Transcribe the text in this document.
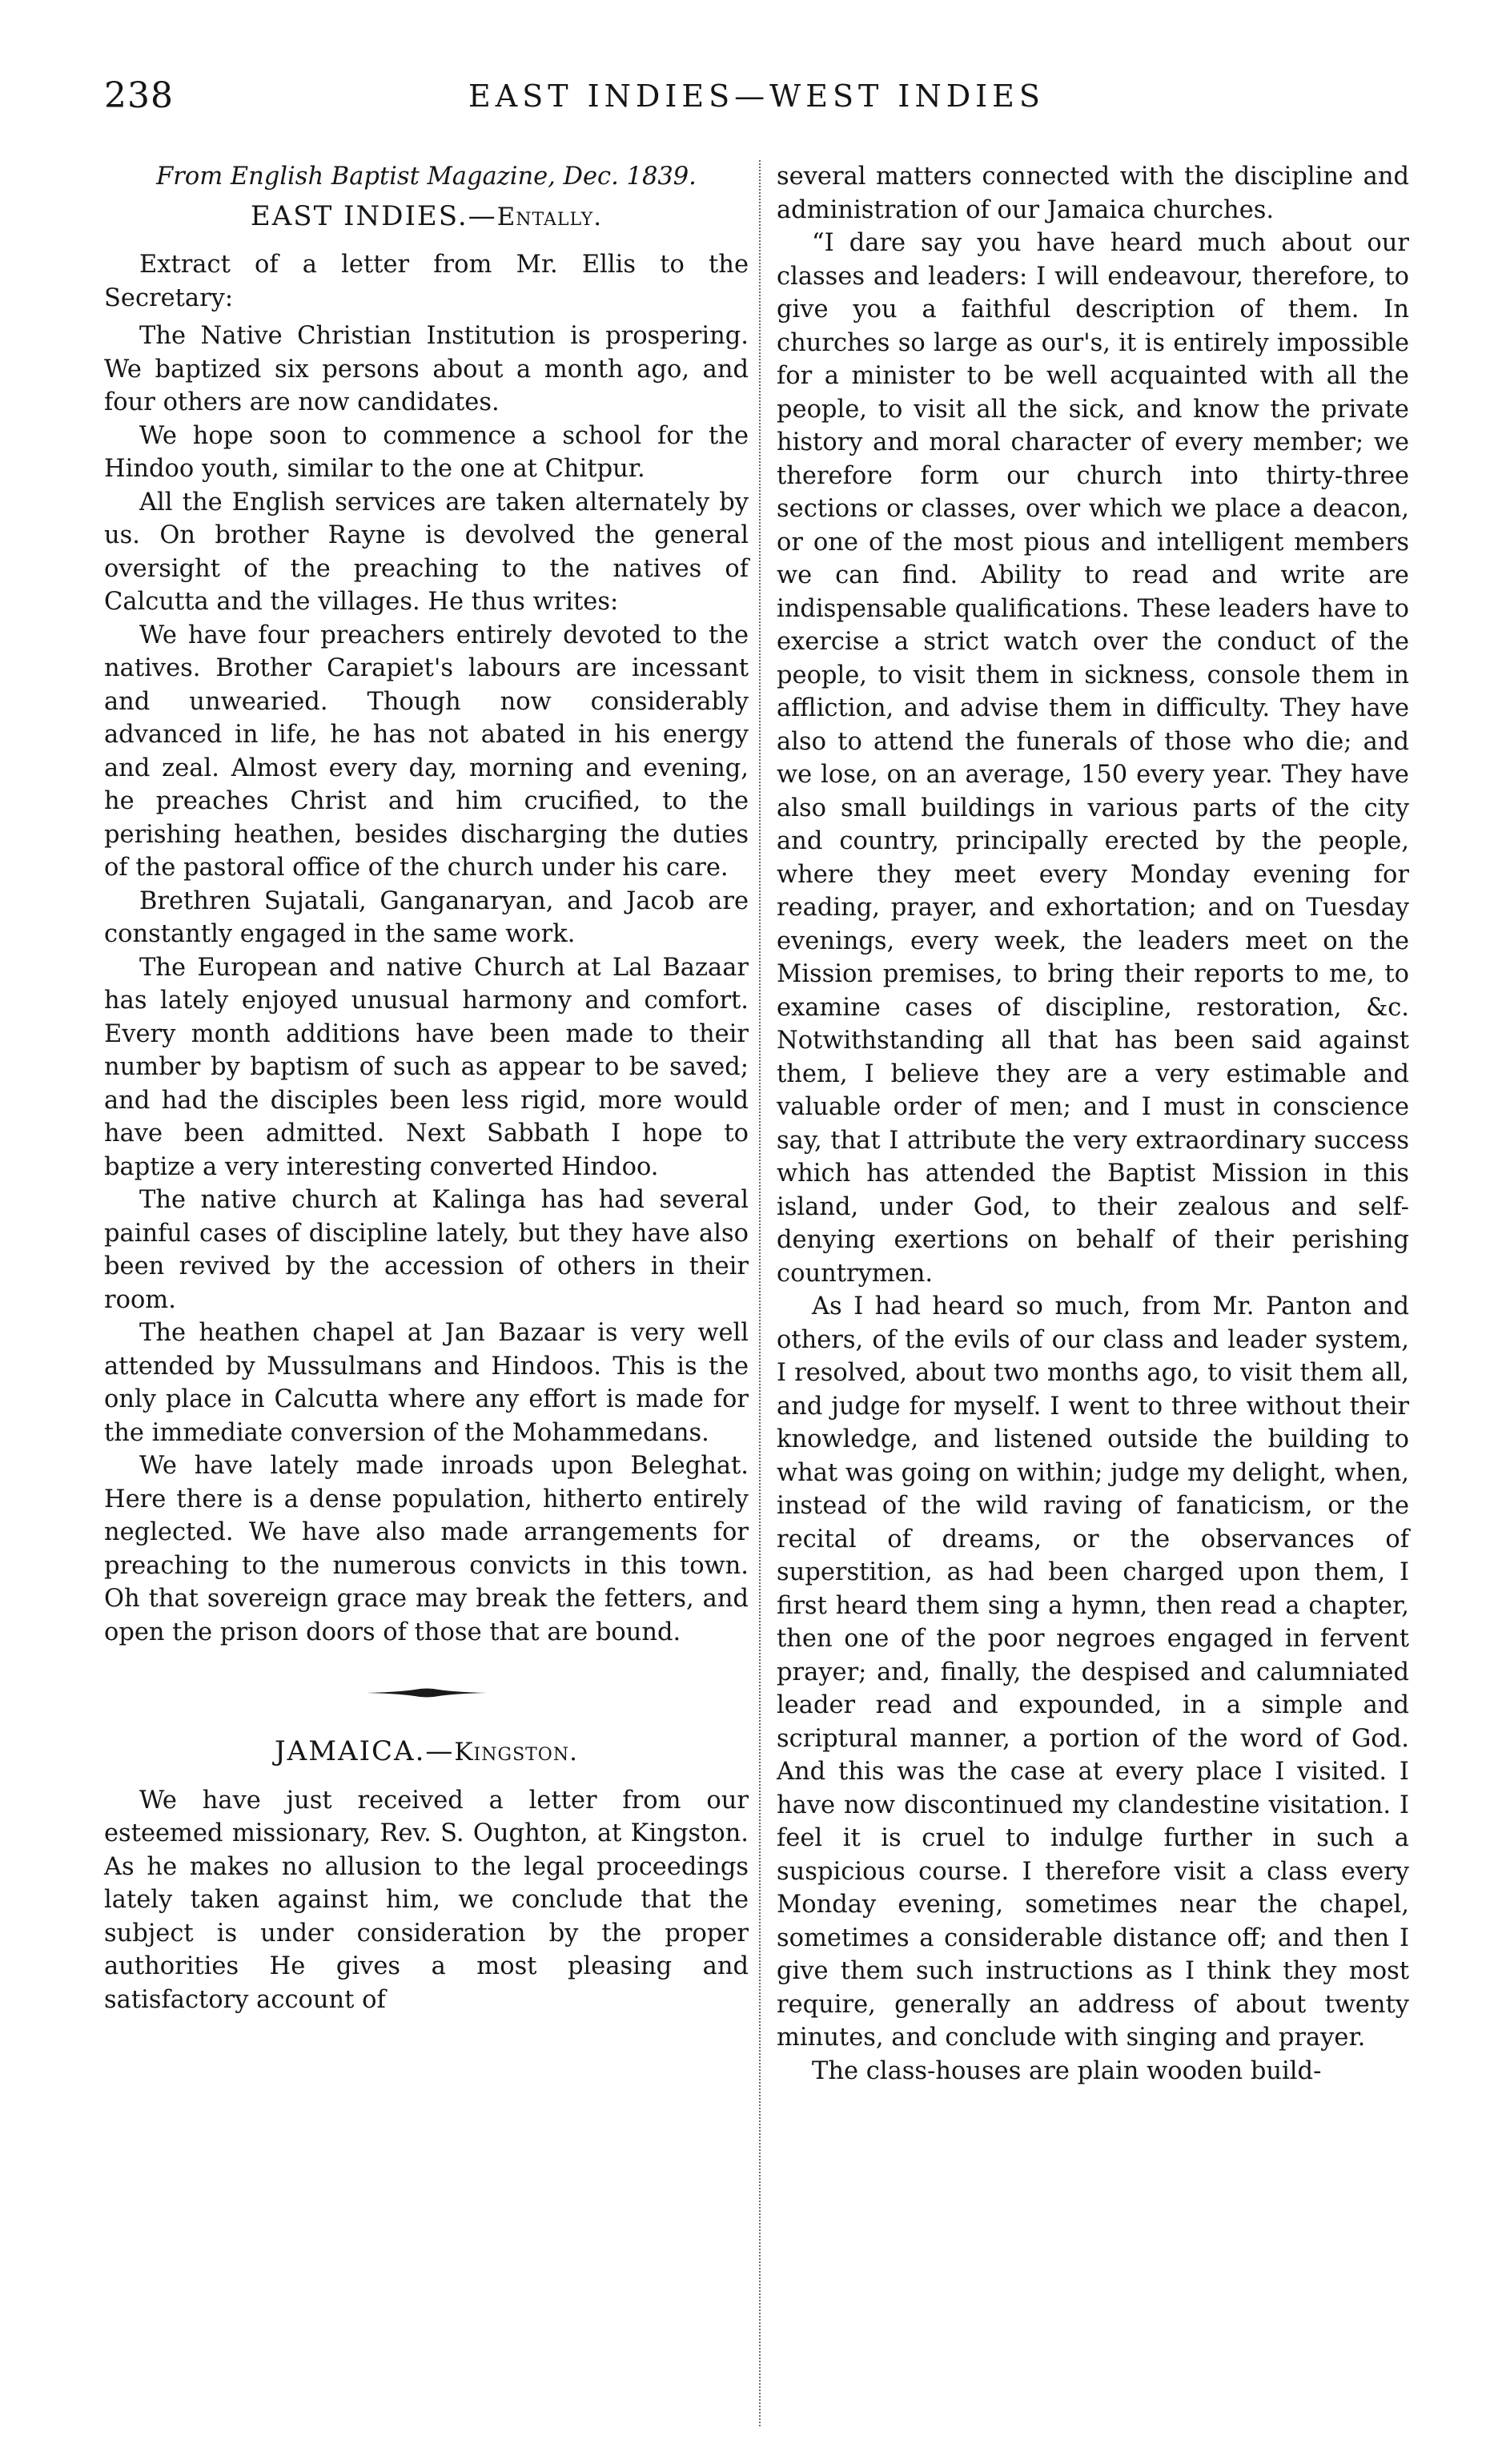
238	EAST INDIES—WEST INDIES

From English Baptist Magazine, Dec. 1839.

EAST INDIES.—Entally.

Extract of a letter from Mr. Ellis to the Secretary:

The Native Christian Institution is prospering. We baptized six persons about a month ago, and four others are now candidates.

We hope soon to commence a school for the Hindoo youth, similar to the one at Chitpur.

All the English services are taken alternately by us. On brother Rayne is devolved the general oversight of the preaching to the natives of Calcutta and the villages. He thus writes:

We have four preachers entirely devoted to the natives. Brother Carapiet's labours are incessant and unwearied. Though now considerably advanced in life, he has not abated in his energy and zeal. Almost every day, morning and evening, he preaches Christ and him crucified, to the perishing heathen, besides discharging the duties of the pastoral office of the church under his care.

Brethren Sujatali, Ganganaryan, and Jacob are constantly engaged in the same work.

The European and native Church at Lal Bazaar has lately enjoyed unusual harmony and comfort. Every month additions have been made to their number by baptism of such as appear to be saved; and had the disciples been less rigid, more would have been admitted. Next Sabbath I hope to baptize a very interesting converted Hindoo.

The native church at Kalinga has had several painful cases of discipline lately, but they have also been revived by the accession of others in their room.

The heathen chapel at Jan Bazaar is very well attended by Mussulmans and Hindoos. This is the only place in Calcutta where any effort is made for the immediate conversion of the Mohammedans.

We have lately made inroads upon Beleghat. Here there is a dense population, hitherto entirely neglected. We have also made arrangements for preaching to the numerous convicts in this town. Oh that sovereign grace may break the fetters, and open the prison doors of those that are bound.

JAMAICA.—Kingston.

We have just received a letter from our esteemed missionary, Rev. S. Oughton, at Kingston. As he makes no allusion to the legal proceedings lately taken against him, we conclude that the subject is under consideration by the proper authorities He gives a most pleasing and satisfactory account of

several matters connected with the discipline and administration of our Jamaica churches.

“I dare say you have heard much about our classes and leaders: I will endeavour, therefore, to give you a faithful description of them. In churches so large as our's, it is entirely impossible for a minister to be well acquainted with all the people, to visit all the sick, and know the private history and moral character of every member; we therefore form our church into thirty-three sections or classes, over which we place a deacon, or one of the most pious and intelligent members we can find. Ability to read and write are indispensable qualifications. These leaders have to exercise a strict watch over the conduct of the people, to visit them in sickness, console them in affliction, and advise them in difficulty. They have also to attend the funerals of those who die; and we lose, on an average, 150 every year. They have also small buildings in various parts of the city and country, principally erected by the people, where they meet every Monday evening for reading, prayer, and exhortation; and on Tuesday evenings, every week, the leaders meet on the Mission premises, to bring their reports to me, to examine cases of discipline, restoration, &c. Notwithstanding all that has been said against them, I believe they are a very estimable and valuable order of men; and I must in conscience say, that I attribute the very extraordinary success which has attended the Baptist Mission in this island, under God, to their zealous and self-denying exertions on behalf of their perishing countrymen.

As I had heard so much, from Mr. Panton and others, of the evils of our class and leader system, I resolved, about two months ago, to visit them all, and judge for myself. I went to three without their knowledge, and listened outside the building to what was going on within; judge my delight, when, instead of the wild raving of fanaticism, or the recital of dreams, or the observances of superstition, as had been charged upon them, I first heard them sing a hymn, then read a chapter, then one of the poor negroes engaged in fervent prayer; and, finally, the despised and calumniated leader read and expounded, in a simple and scriptural manner, a portion of the word of God. And this was the case at every place I visited. I have now discontinued my clandestine visitation. I feel it is cruel to indulge further in such a suspicious course. I therefore visit a class every Monday evening, sometimes near the chapel, sometimes a considerable distance off; and then I give them such instructions as I think they most require, generally an address of about twenty minutes, and conclude with singing and prayer.

The class-houses are plain wooden build-
